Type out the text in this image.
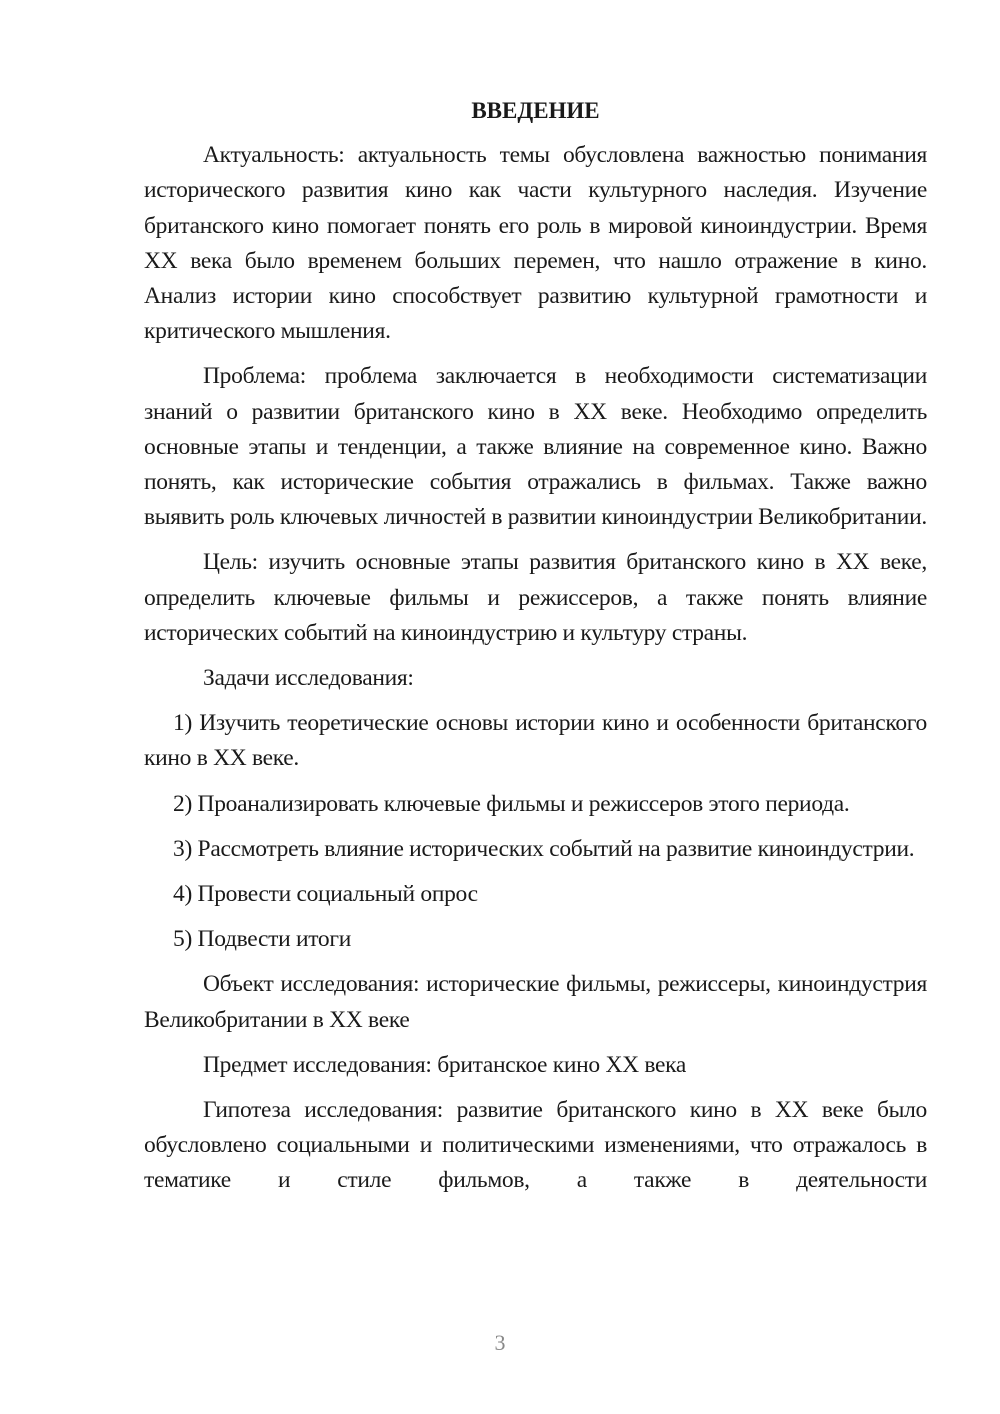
ВВЕДЕНИЕ

Актуальность: актуальность темы обусловлена важностью понимания исторического развития кино как части культурного наследия. Изучение британского кино помогает понять его роль в мировой киноиндустрии. Время XX века было временем больших перемен, что нашло отражение в кино. Анализ истории кино способствует развитию культурной грамотности и критического мышления.

Проблема: проблема заключается в необходимости систематизации знаний о развитии британского кино в XX веке. Необходимо определить основные этапы и тенденции, а также влияние на современное кино. Важно понять, как исторические события отражались в фильмах. Также важно выявить роль ключевых личностей в развитии киноиндустрии Великобритании.

Цель: изучить основные этапы развития британского кино в XX веке, определить ключевые фильмы и режиссеров, а также понять влияние исторических событий на киноиндустрию и культуру страны.

Задачи исследования:

1) Изучить теоретические основы истории кино и особенности британского кино в XX веке.

2) Проанализировать ключевые фильмы и режиссеров этого периода.

3) Рассмотреть влияние исторических событий на развитие киноиндустрии.

4) Провести социальный опрос

5) Подвести итоги

Объект исследования: исторические фильмы, режиссеры, киноиндустрия Великобритании в XX веке

Предмет исследования: британское кино XX века

Гипотеза исследования: развитие британского кино в XX веке было обусловлено социальными и политическими изменениями, что отражалось в тематике и стиле фильмов, а также в деятельности

3
